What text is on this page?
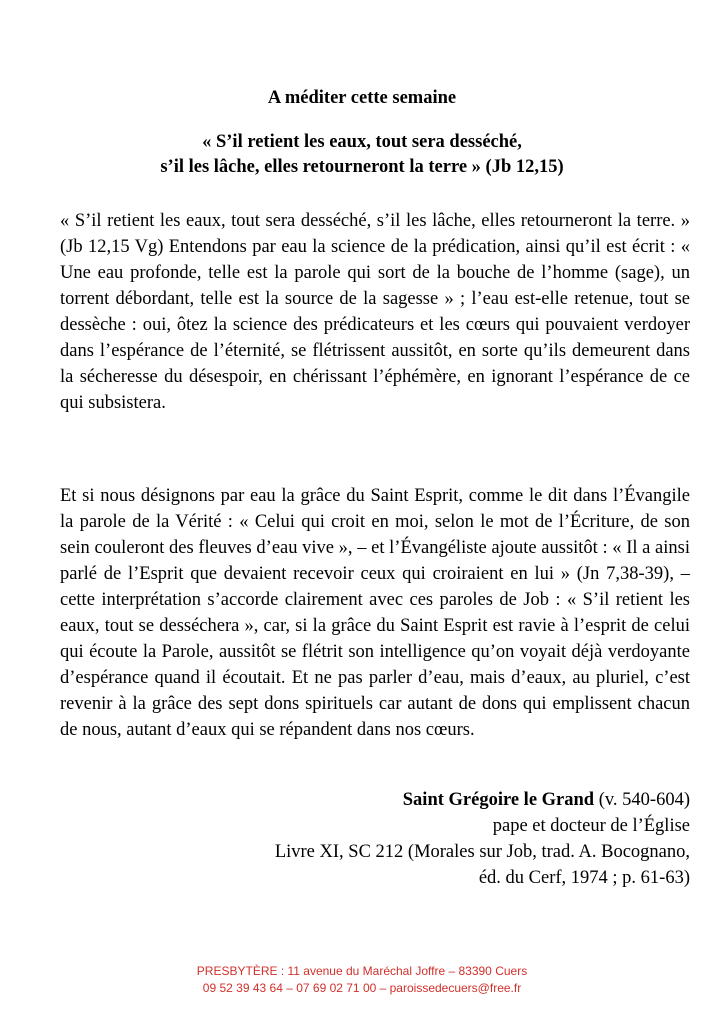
A méditer cette semaine
« S’il retient les eaux, tout sera desséché,
s’il les lâche, elles retourneront la terre » (Jb 12,15)

« S’il retient les eaux, tout sera desséché, s’il les lâche, elles retourneront la terre. » (Jb 12,15 Vg) Entendons par eau la science de la prédication, ainsi qu’il est écrit : « Une eau profonde, telle est la parole qui sort de la bouche de l’homme (sage), un torrent débordant, telle est la source de la sagesse » ; l’eau est-elle retenue, tout se dessèche : oui, ôtez la science des prédicateurs et les cœurs qui pouvaient verdoyer dans l’espérance de l’éternité, se flétrissent aussitôt, en sorte qu’ils demeurent dans la sécheresse du désespoir, en chérissant l’éphémère, en ignorant l’espérance de ce qui subsistera.

Et si nous désignons par eau la grâce du Saint Esprit, comme le dit dans l’Évangile la parole de la Vérité : « Celui qui croit en moi, selon le mot de l’Écriture, de son sein couleront des fleuves d’eau vive », – et l’Évangéliste ajoute aussitôt : « Il a ainsi parlé de l’Esprit que devaient recevoir ceux qui croiraient en lui » (Jn 7,38-39), – cette interprétation s’accorde clairement avec ces paroles de Job : « S’il retient les eaux, tout se desséchera », car, si la grâce du Saint Esprit est ravie à l’esprit de celui qui écoute la Parole, aussitôt se flétrit son intelligence qu’on voyait déjà verdoyante d’espérance quand il écoutait. Et ne pas parler d’eau, mais d’eaux, au pluriel, c’est revenir à la grâce des sept dons spirituels car autant de dons qui emplissent chacun de nous, autant d’eaux qui se répandent dans nos cœurs.

Saint Grégoire le Grand (v. 540-604)
pape et docteur de l’Église
Livre XI, SC 212 (Morales sur Job, trad. A. Bocognano,
éd. du Cerf, 1974 ; p. 61-63)
PRESBYTÈRE : 11 avenue du Maréchal Joffre – 83390 Cuers
09 52 39 43 64 – 07 69 02 71 00 – paroissedecuers@free.fr
